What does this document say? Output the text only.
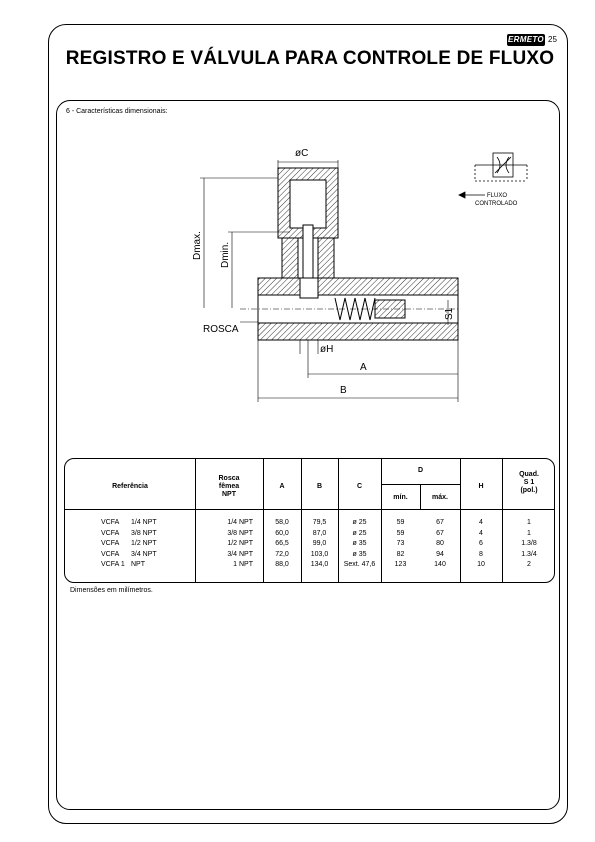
ERMETO 25
REGISTRO E VÁLVULA PARA CONTROLE DE FLUXO
6 - Características dimensionais:
øC
Dmax. Dmin.
ROSCA
øH
A
B
S1
FLUXO
CONTROLADO
Referência
Rosca
fêmea
NPT
A	B	C
D
mín.	máx.
H
Quad.
S 1
(pol.)
VCFA	1/4 NPT	1/4 NPT	58,0	79,5	ø 25	59	67	4	1
VCFA	3/8 NPT	3/8 NPT	60,0	87,0	ø 25	59	67	4	1
VCFA	1/2 NPT	1/2 NPT	66,5	99,0	ø 35	73	80	6	1.3/8
VCFA	3/4 NPT	3/4 NPT	72,0	103,0	ø 35	82	94	8	1.3/4
VCFA 1 NPT	1 NPT	88,0	134,0	Sext. 47,6	123	140	10	2
Dimensões em milímetros.
